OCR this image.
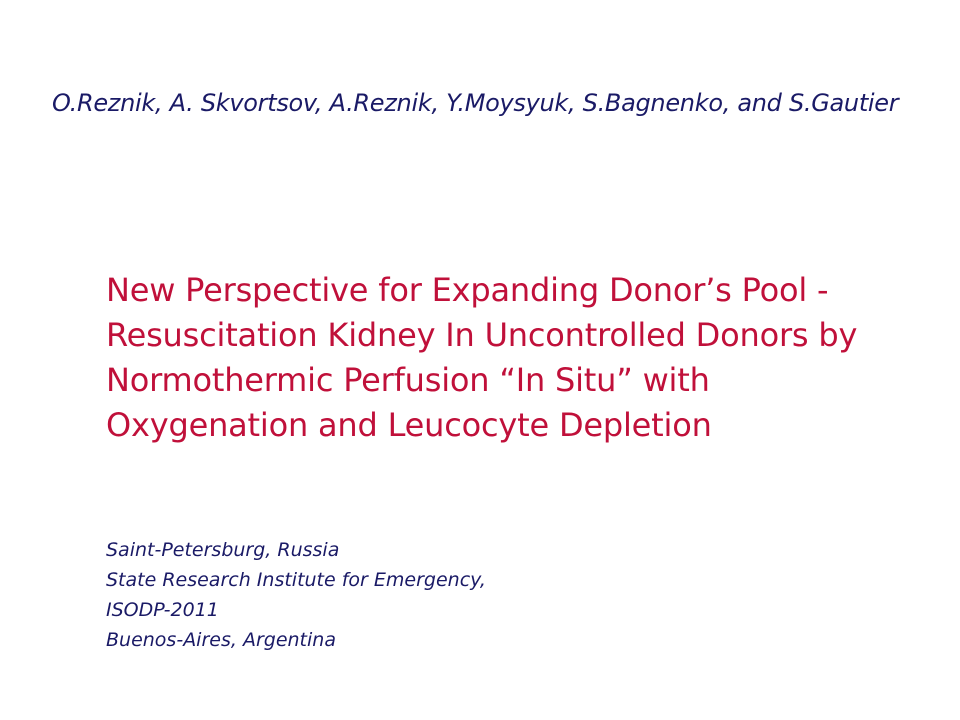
O.Reznik, A. Skvortsov, A.Reznik, Y.Moysyuk, S.Bagnenko, and S.Gautier
New Perspective for Expanding Donor’s Pool -
Resuscitation Kidney In Uncontrolled Donors by
Normothermic Perfusion “In Situ” with
Oxygenation and Leucocyte Depletion
Saint-Petersburg, Russia
State Research Institute for Emergency,
ISODP-2011
Buenos-Aires, Argentina
